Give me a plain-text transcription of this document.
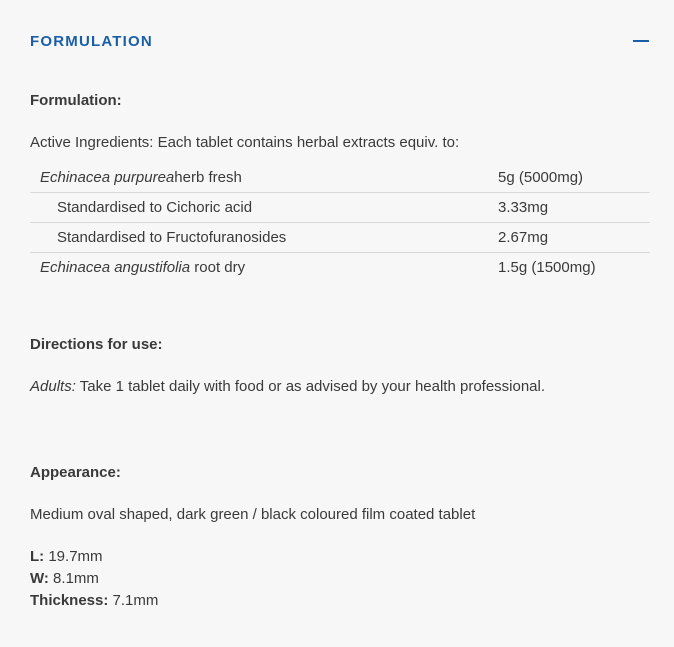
FORMULATION

Formulation:

Active Ingredients: Each tablet contains herbal extracts equiv. to:

Echinacea purpureaherb fresh	5g (5000mg)
Standardised to Cichoric acid	3.33mg
Standardised to Fructofuranosides	2.67mg
Echinacea angustifolia root dry	1.5g (1500mg)

Directions for use:

Adults: Take 1 tablet daily with food or as advised by your health professional.

Appearance:

Medium oval shaped, dark green / black coloured film coated tablet

L: 19.7mm

W: 8.1mm

Thickness: 7.1mm
